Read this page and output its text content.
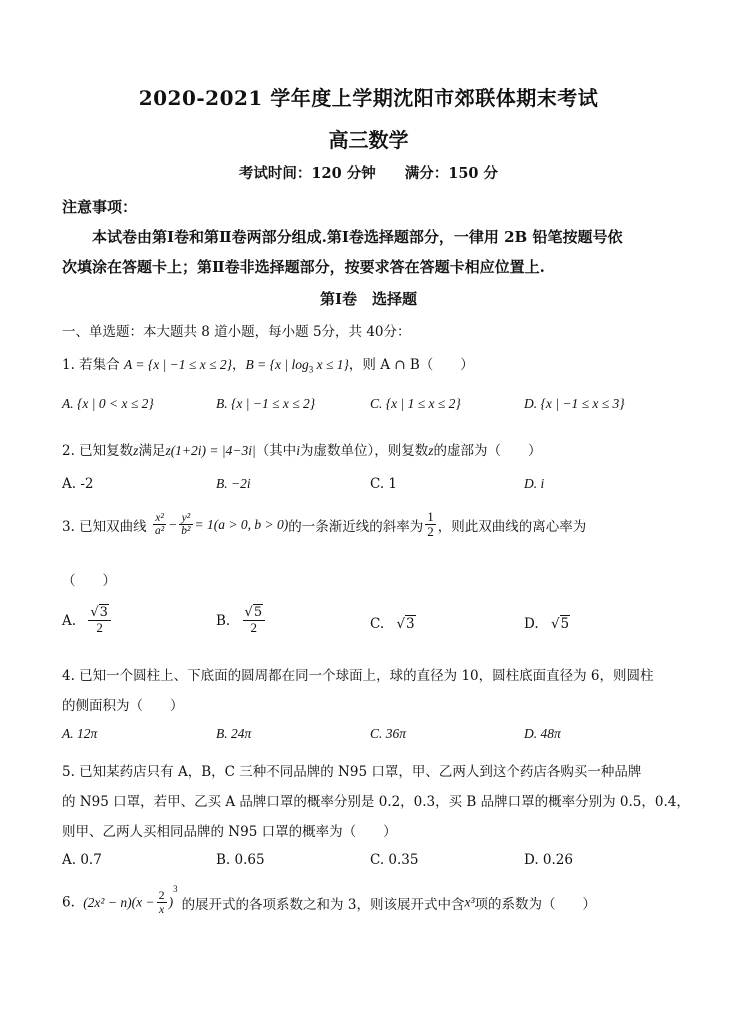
2020-2021 学年度上学期沈阳市郊联体期末考试
高三数学
考试时间：120 分钟　　满分：150 分
注意事项：
本试卷由第Ⅰ卷和第Ⅱ卷两部分组成.第Ⅰ卷选择题部分，一律用 2B 铅笔按题号依
次填涂在答题卡上；第Ⅱ卷非选择题部分，按要求答在答题卡相应位置上.
第Ⅰ卷　选择题
一、单选题：本大题共 8 道小题，每小题 5分，共 40分：
1. 若集合 A = {x | −1 ≤ x ≤ 2}，B = {x | $\log_3 x \le 1$}，则 A ∩ B（　　）
A. {x | 0 < x ≤ 2}	B. {x | −1 ≤ x ≤ 2}	C. {x | 1 ≤ x ≤ 2}	D. {x | −1 ≤ x ≤ 3}
2. 已知复数z满足z(1+2i) = |4−3i|（其中i为虚数单位），则复数z的虚部为（　　）
A. -2	B. −2i	C. 1	D. i
3. 已知双曲线 $\frac{\text{x²}}{\text{a²}} - \frac{\text{y²}}{\text{b²}} = 1(a > 0$, b > 0)的一条渐近线的斜率为 $\frac{1}{2}$ ，则此双曲线的离心率为
（　　）
A. $\frac{√3}{2}$	B. $\frac{√5}{2}$	C. √3	D. √5
4. 已知一个圆柱上、下底面的圆周都在同一个球面上，球的直径为 10，圆柱底面直径为 6，则圆柱
的侧面积为（　　）
A. 12π	B. 24π	C. 36π	D. 48π
5. 已知某药店只有 A，B，C 三种不同品牌的 N95 口罩，甲、乙两人到这个药店各购买一种品牌
的 N95 口罩，若甲、乙买 A 品牌口罩的概率分别是 0.2，0.3，买 B 品牌口罩的概率分别为 0.5，0.4，
则甲、乙两人买相同品牌的 N95 口罩的概率为（　　）
A. 0.7	B. 0.65	C. 0.35	D. 0.26
6. $(2x^2 - n)(x - \frac{2}{x} )^3$的展开式的各项系数之和为 3，则该展开式中含x³项的系数为（　　）
